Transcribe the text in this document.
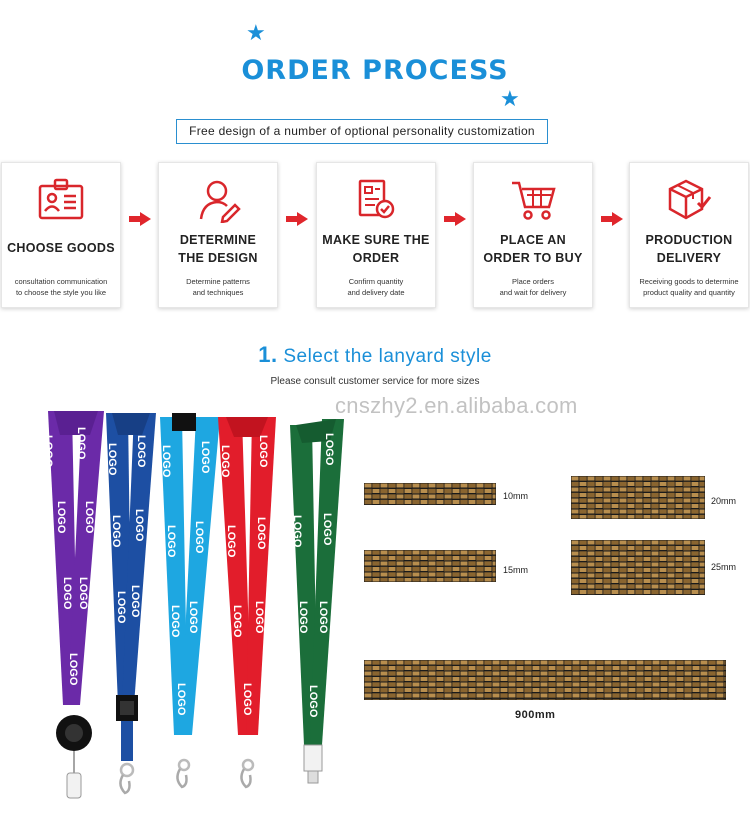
★
★
ORDER PROCESS
Free design of a number of optional personality customization
CHOOSE GOODS
consultation communication
to choose the style you like
DETERMINE
THE DESIGN
Determine patterns
and techniques
MAKE SURE THE
ORDER
Confirm quantity
and delivery date
PLACE AN
ORDER TO BUY
Place orders
and wait for delivery
PRODUCTION
DELIVERY
Receiving goods to determine
product quality and quantity
1. Select the lanyard style
Please consult customer service for more sizes
cnszhy2.en.alibaba.com
LOGO LOGO
LOGO LOGO
LOGO LOGO
LOGO
LOGO LOGO
LOGO LOGO
LOGO LOGO
LOGO LOGO
LOGO LOGO
LOGO LOGO
LOGO
LOGO LOGO
LOGO LOGO
LOGO LOGO
LOGO
LOGO
LOGO
LOGO
LOGO LOGO
LOGO
10mm
15mm
20mm
25mm
900mm
